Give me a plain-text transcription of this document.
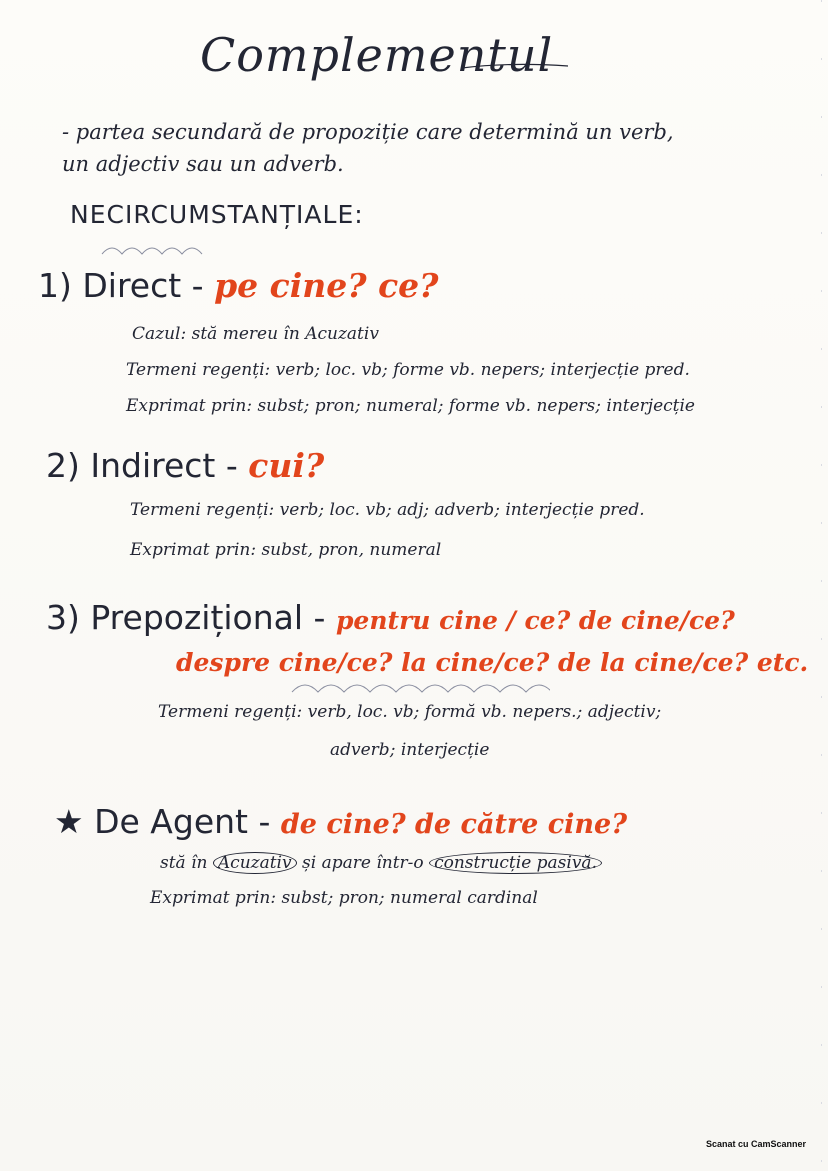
Complementul
- partea secundară de propoziție care determină un verb,
un adjectiv sau un adverb.
NECIRCUMSTANȚIALE:
1) Direct - pe cine? ce?
Cazul: stă mereu în Acuzativ
Termeni regenți: verb; loc. vb; forme vb. nepers; interjecție pred.
Exprimat prin: subst; pron; numeral; forme vb. nepers; interjecție
2) Indirect - cui?
Termeni regenți: verb; loc. vb; adj; adverb; interjecție pred.
Exprimat prin: subst, pron, numeral
3) Prepozițional - pentru cine / ce? de cine/ce?
despre cine/ce? la cine/ce? de la cine/ce? etc.
Termeni regenți: verb, loc. vb; formă vb. nepers.; adjectiv;
adverb; interjecție
★ De Agent - de cine? de către cine?
stă în Acuzativ și apare într-o construcție pasivă.
Exprimat prin: subst; pron; numeral cardinal
Scanat cu CamScanner
